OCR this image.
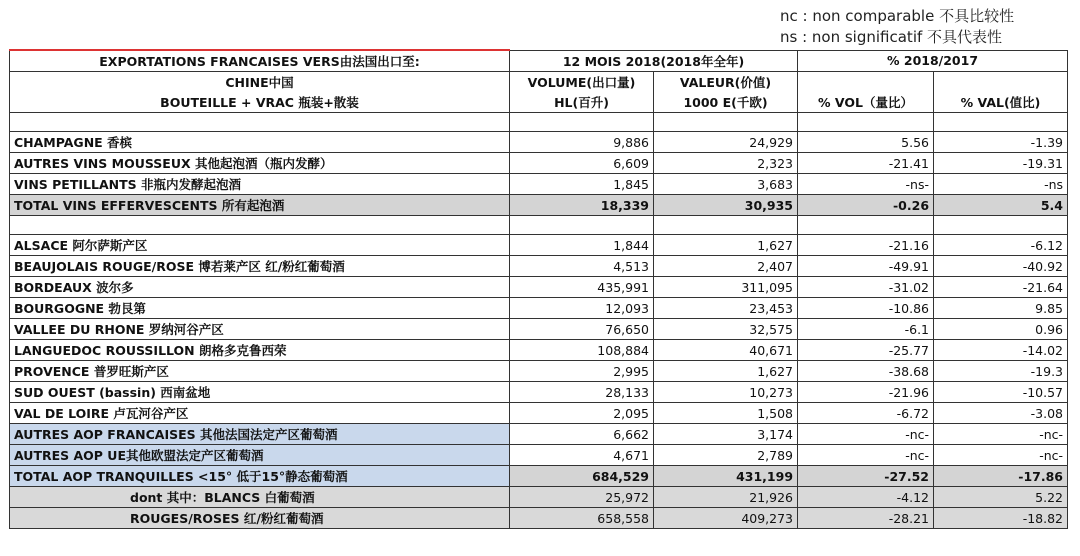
nc : non comparable 不具比较性
ns : non significatif 不具代表性
EXPORTATIONS FRANCAISES VERS由法国出口至:	12 MOIS 2018(2018年全年)		% 2018/2017	
CHINE中国	VOLUME(出口量)	VALEUR(价值)		
BOUTEILLE + VRAC 瓶装+散装	HL(百升)	1000 E(千欧)	% VOL（量比）	% VAL(值比)

CHAMPAGNE 香槟	9,886	24,929	5.56	-1.39
AUTRES VINS MOUSSEUX 其他起泡酒（瓶内发酵）	6,609	2,323	-21.41	-19.31
VINS PETILLANTS 非瓶内发酵起泡酒	1,845	3,683	-ns-	-ns
TOTAL VINS EFFERVESCENTS 所有起泡酒	18,339	30,935	-0.26	5.4

ALSACE 阿尔萨斯产区	1,844	1,627	-21.16	-6.12
BEAUJOLAIS ROUGE/ROSE 博若莱产区 红/粉红葡萄酒	4,513	2,407	-49.91	-40.92
BORDEAUX 波尔多	435,991	311,095	-31.02	-21.64
BOURGOGNE 勃艮第	12,093	23,453	-10.86	9.85
VALLEE DU RHONE 罗纳河谷产区	76,650	32,575	-6.1	0.96
LANGUEDOC ROUSSILLON 朗格多克鲁西荣	108,884	40,671	-25.77	-14.02
PROVENCE 普罗旺斯产区	2,995	1,627	-38.68	-19.3
SUD OUEST (bassin) 西南盆地	28,133	10,273	-21.96	-10.57
VAL DE LOIRE 卢瓦河谷产区	2,095	1,508	-6.72	-3.08
AUTRES AOP FRANCAISES 其他法国法定产区葡萄酒	6,662	3,174	-nc-	-nc-
AUTRES AOP UE其他欧盟法定产区葡萄酒	4,671	2,789	-nc-	-nc-
TOTAL AOP TRANQUILLES <15° 低于15°静态葡萄酒	684,529	431,199	-27.52	-17.86
dont 其中：BLANCS 白葡萄酒	25,972	21,926	-4.12	5.22
ROUGES/ROSES 红/粉红葡萄酒	658,558	409,273	-28.21	-18.82
